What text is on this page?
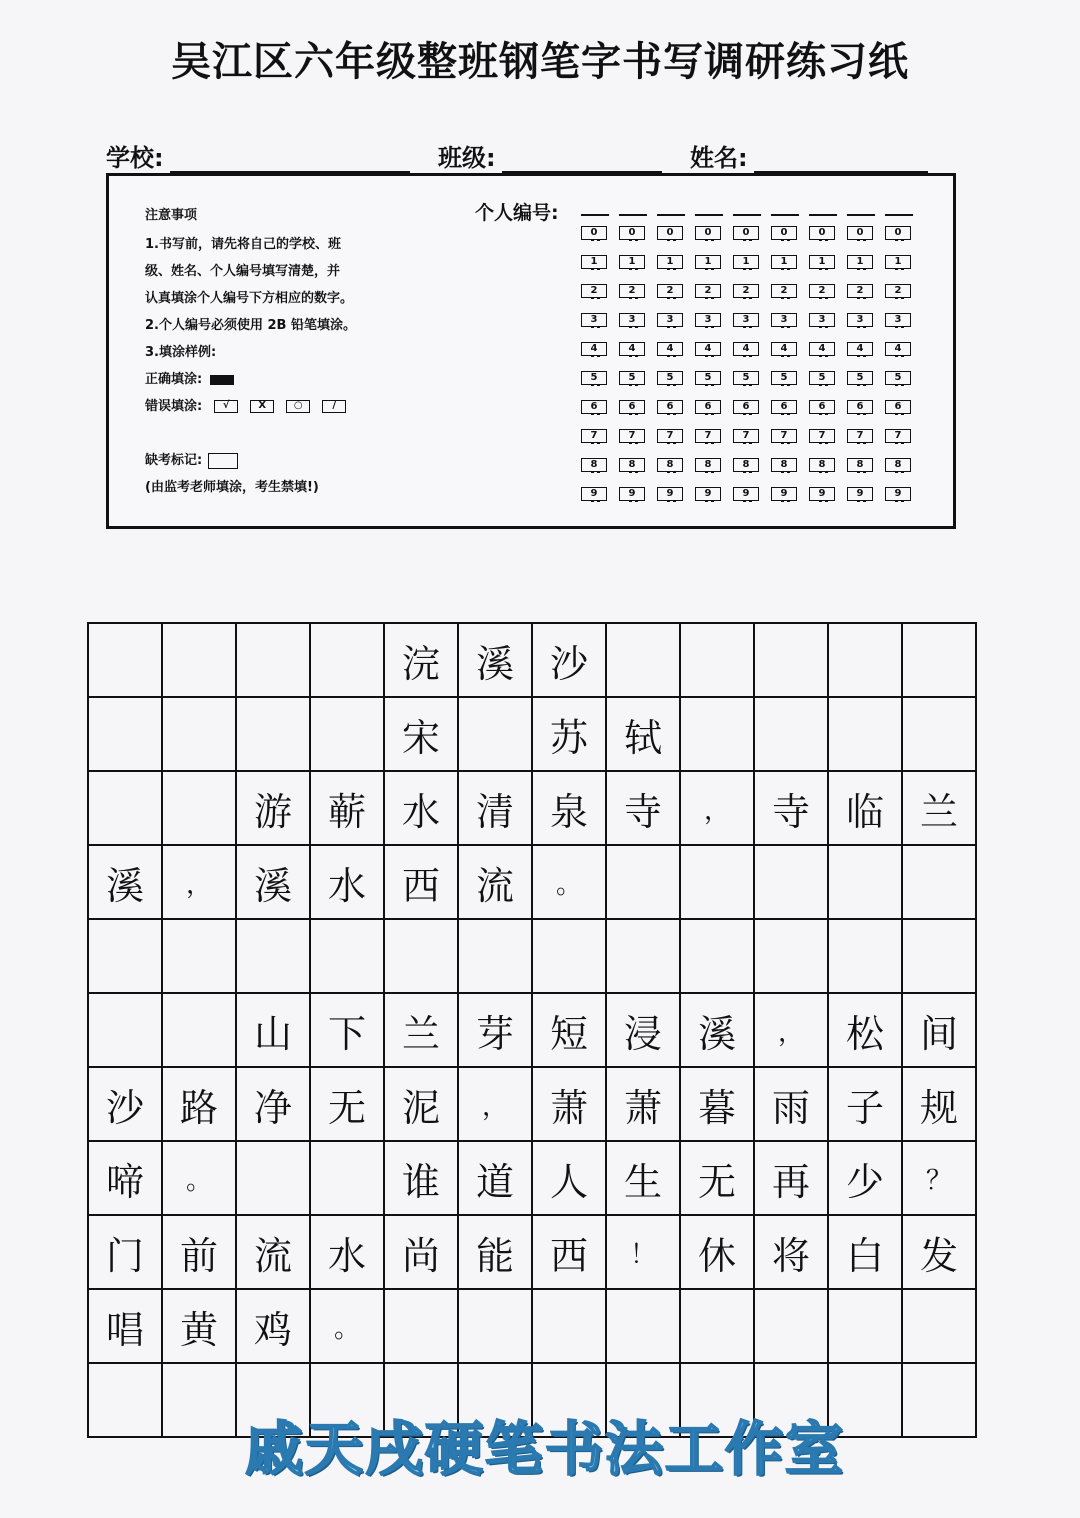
吴江区六年级整班钢笔字书写调研练习纸
学校:	班级:	姓名:
注意事项
1.书写前，请先将自己的学校、班
级、姓名、个人编号填写清楚，并
认真填涂个人编号下方相应的数字。
2.个人编号必须使用 2B 铅笔填涂。
3.填涂样例:
正确填涂:
错误填涂: √	X	○	/
缺考标记:
(由监考老师填涂，考生禁填!)
个人编号:
0	0	0	0	0	0	0	0	0
1	1	1	1	1	1	1	1	1
2	2	2	2	2	2	2	2	2
3	3	3	3	3	3	3	3	3
4	4	4	4	4	4	4	4	4
5	5	5	5	5	5	5	5	5
6	6	6	6	6	6	6	6	6
7	7	7	7	7	7	7	7	7
8	8	8	8	8	8	8	8	8
9	9	9	9	9	9	9	9	9
				浣	溪	沙					
				宋		苏	轼				
		游	蕲	水	清	泉	寺	，	寺	临	兰
溪	，	溪	水	西	流	。					

		山	下	兰	芽	短	浸	溪	，	松	间
沙	路	净	无	泥	，	萧	萧	暮	雨	子	规
啼	。			谁	道	人	生	无	再	少	？
门	前	流	水	尚	能	西	！	休	将	白	发
唱	黄	鸡	。								

戚天戌硬笔书法工作室
